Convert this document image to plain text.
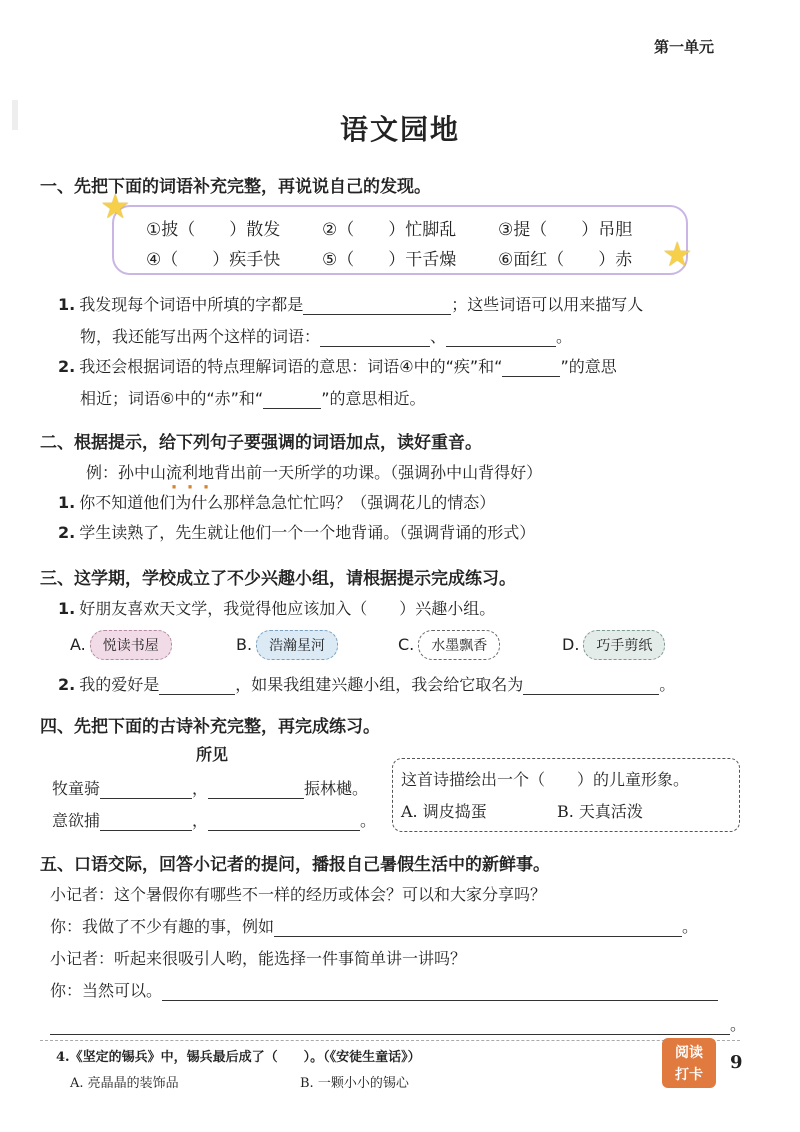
第一单元
语文园地
一、先把下面的词语补充完整，再说说自己的发现。
★
★
①披（　　）散发 ②（　　）忙脚乱 ③提（　　）吊胆
④（　　）疾手快 ⑤（　　）干舌燥 ⑥面红（　　）赤
1. 我发现每个词语中所填的字都是	；这些词语可以用来描写人
物，我还能写出两个这样的词语：	、	。
2. 我还会根据词语的特点理解词语的意思：词语④中的“疾”和“	”的意思
相近；词语⑥中的“赤”和“	”的意思相近。
二、根据提示，给下列句子要强调的词语加点，读好重音。
例：孙中山流利地背出前一天所学的功课。（强调孙中山背得好）
1. 你不知道他们为什么那样急急忙忙吗？（强调花儿的情态）
2. 学生读熟了，先生就让他们一个一个地背诵。（强调背诵的形式）
三、这学期，学校成立了不少兴趣小组，请根据提示完成练习。
1. 好朋友喜欢天文学，我觉得他应该加入（　　）兴趣小组。
A. 悦读书屋	B. 浩瀚星河	C. 水墨飘香	D. 巧手剪纸
2. 我的爱好是	，如果我组建兴趣小组，我会给它取名为	。
四、先把下面的古诗补充完整，再完成练习。
所见
牧童骑	，	振林樾。
意欲捕	，	。
这首诗描绘出一个（　　）的儿童形象。
A. 调皮捣蛋	B. 天真活泼
五、口语交际，回答小记者的提问，播报自己暑假生活中的新鲜事。
小记者：这个暑假你有哪些不一样的经历或体会？可以和大家分享吗？
你：我做了不少有趣的事，例如	。
小记者：听起来很吸引人哟，能选择一件事简单讲一讲吗？
你：当然可以。
。
4.《坚定的锡兵》中，锡兵最后成了（　　）。（《安徒生童话》）
A. 亮晶晶的装饰品	B. 一颗小小的锡心
阅读
打卡
9
